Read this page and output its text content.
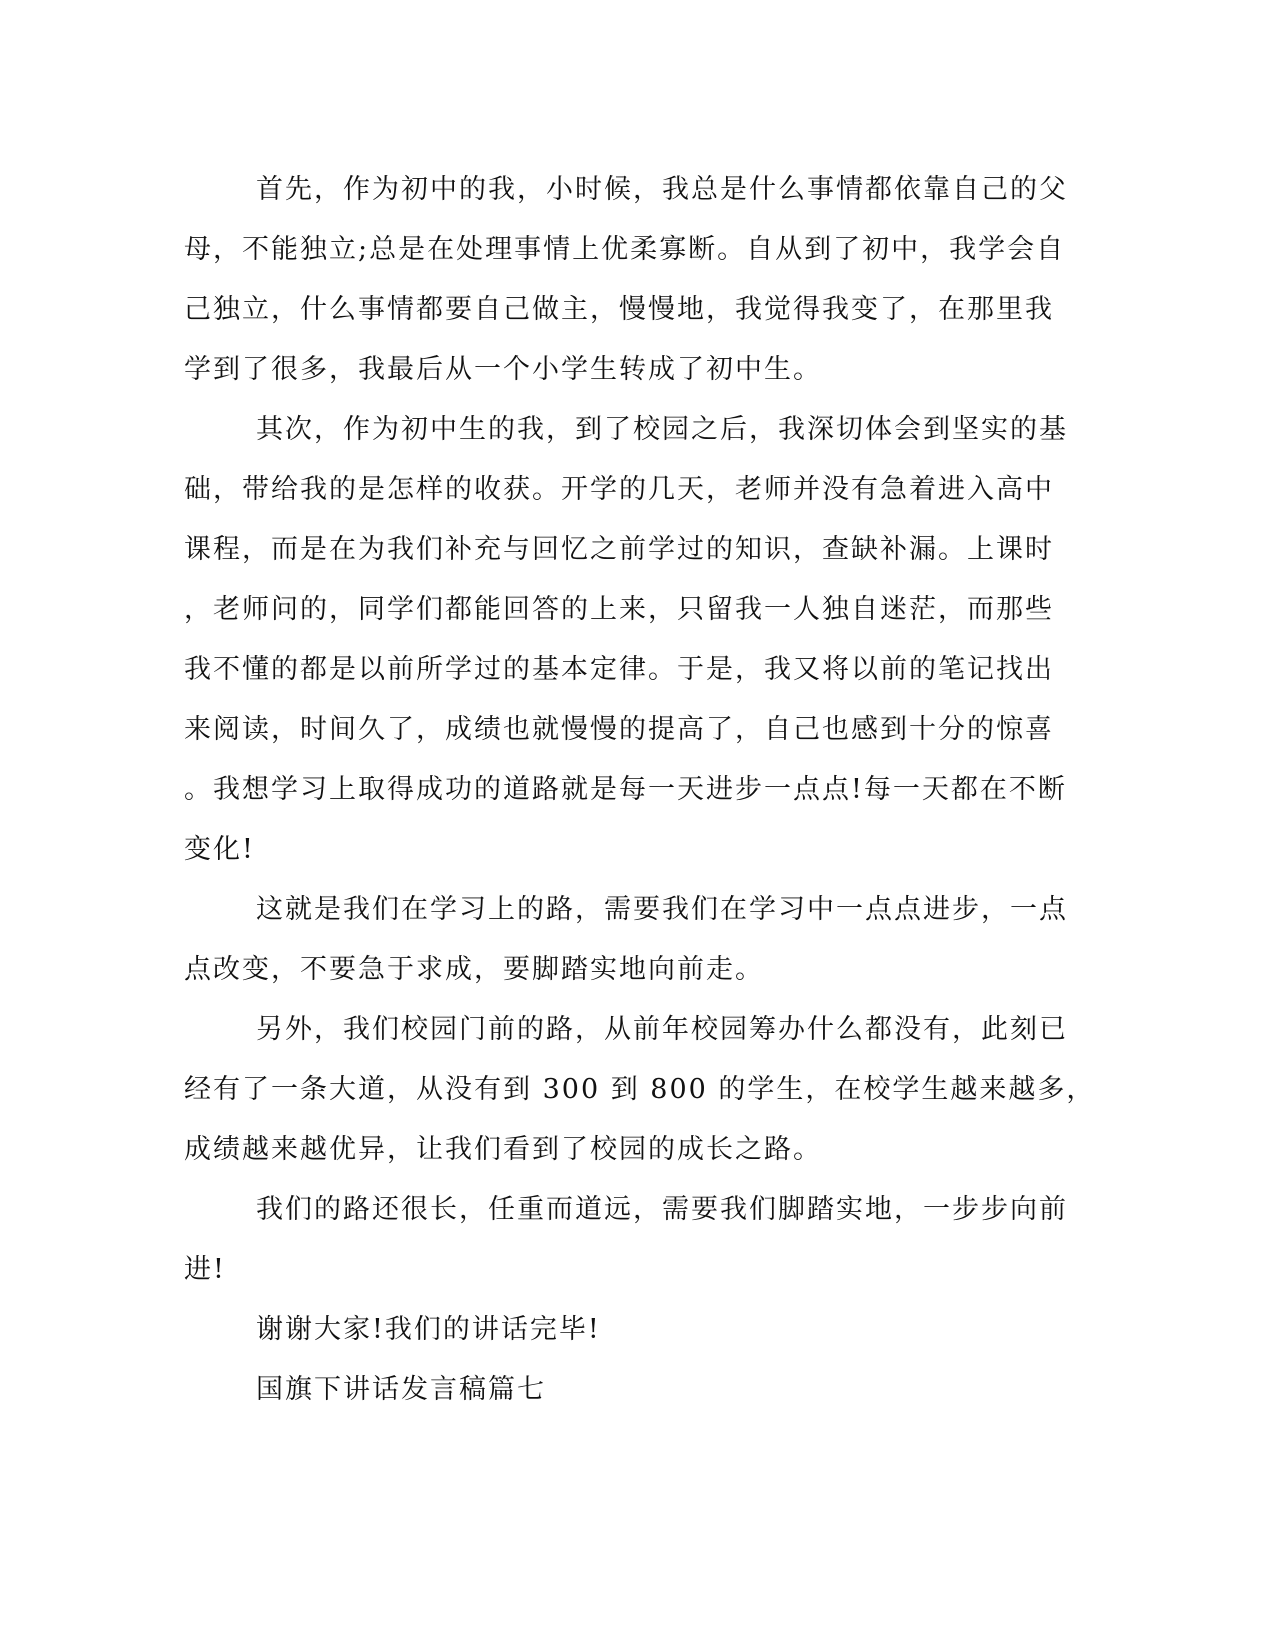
首先，作为初中的我，小时候，我总是什么事情都依靠自己的父
母，不能独立;总是在处理事情上优柔寡断。自从到了初中，我学会自
己独立，什么事情都要自己做主，慢慢地，我觉得我变了，在那里我
学到了很多，我最后从一个小学生转成了初中生。

其次，作为初中生的我，到了校园之后，我深切体会到坚实的基
础，带给我的是怎样的收获。开学的几天，老师并没有急着进入高中
课程，而是在为我们补充与回忆之前学过的知识，查缺补漏。上课时
，老师问的，同学们都能回答的上来，只留我一人独自迷茫，而那些
我不懂的都是以前所学过的基本定律。于是，我又将以前的笔记找出
来阅读，时间久了，成绩也就慢慢的提高了，自己也感到十分的惊喜
。我想学习上取得成功的道路就是每一天进步一点点!每一天都在不断
变化!

这就是我们在学习上的路，需要我们在学习中一点点进步，一点
点改变，不要急于求成，要脚踏实地向前走。

另外，我们校园门前的路，从前年校园筹办什么都没有，此刻已
经有了一条大道，从没有到 300 到 800 的学生，在校学生越来越多，
成绩越来越优异，让我们看到了校园的成长之路。

我们的路还很长，任重而道远，需要我们脚踏实地，一步步向前
进!

谢谢大家!我们的讲话完毕!

国旗下讲话发言稿篇七
